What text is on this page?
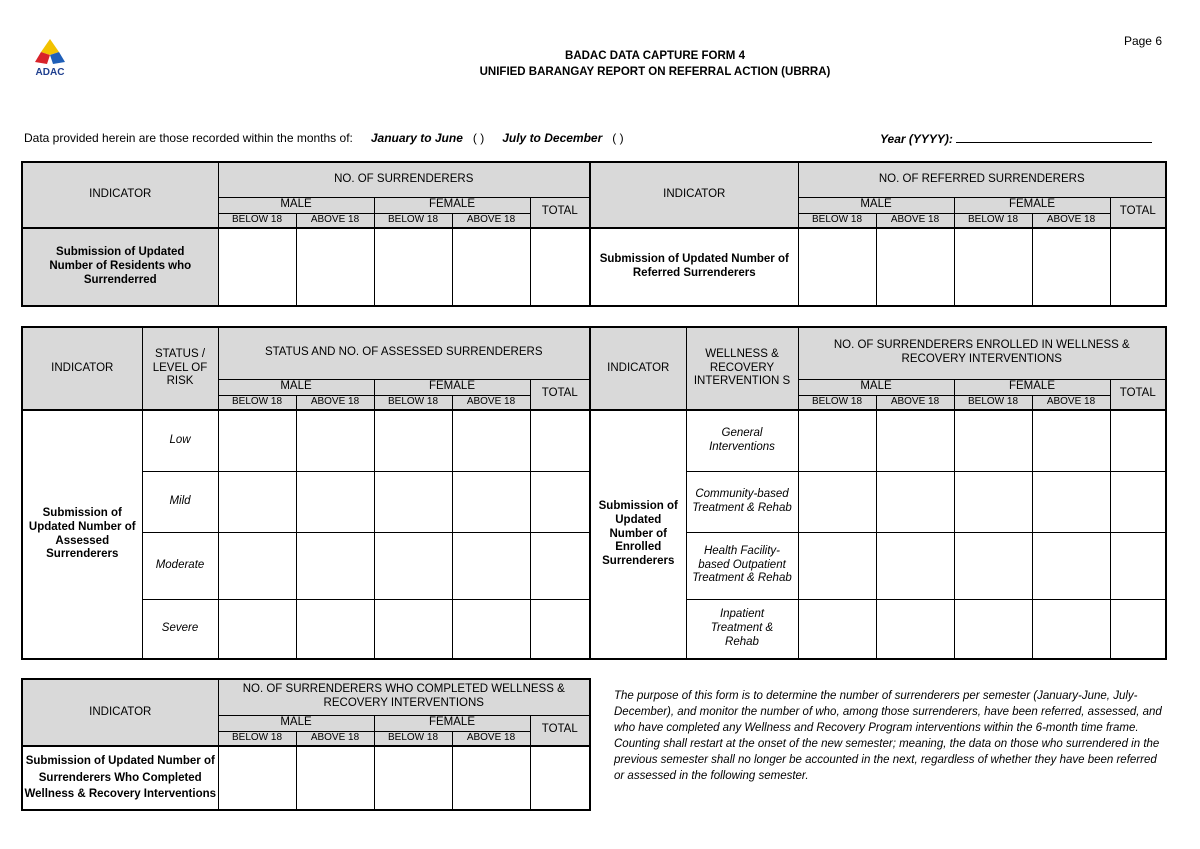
ADAC
Page 6
BADAC DATA CAPTURE FORM 4
UNIFIED BARANGAY REPORT ON REFERRAL ACTION (UBRRA)
Data provided herein are those recorded within the months of: January to June ( ) July to December ( )	Year (YYYY):
INDICATOR	NO. OF SURRENDERERS					INDICATOR	NO. OF REFERRED SURRENDERERS				
	MALE		FEMALE		TOTAL		MALE		FEMALE		TOTAL
	BELOW 18	ABOVE 18	BELOW 18	ABOVE 18			BELOW 18	ABOVE 18	BELOW 18	ABOVE 18	
Submission of Updated Number of Residents who Surrenderred						Submission of Updated Number of Referred Surrenderers					
INDICATOR	STATUS / LEVEL OF RISK	STATUS AND NO. OF ASSESSED SURRENDERERS					INDICATOR	WELLNESS & RECOVERY INTERVENTION S	NO. OF SURRENDERERS ENROLLED IN WELLNESS & RECOVERY INTERVENTIONS				
		MALE		FEMALE		TOTAL			MALE		FEMALE		TOTAL
		BELOW 18	ABOVE 18	BELOW 18	ABOVE 18				BELOW 18	ABOVE 18	BELOW 18	ABOVE 18	
Submission of Updated Number of Assessed Surrenderers	Low						Submission of Updated Number of Enrolled Surrenderers	General Interventions					
	Mild							Community-based Treatment & Rehab					
	Moderate							Health Facility-based Outpatient Treatment & Rehab					
	Severe							Inpatient Treatment & Rehab					
INDICATOR	NO. OF SURRENDERERS WHO COMPLETED WELLNESS & RECOVERY INTERVENTIONS				
	MALE		FEMALE		TOTAL
	BELOW 18	ABOVE 18	BELOW 18	ABOVE 18	
Submission of Updated Number of Surrenderers Who Completed Wellness & Recovery Interventions					
The purpose of this form is to determine the number of surrenderers per semester (January-June, July-December), and monitor the number of who, among those surrenderers, have been referred, assessed, and who have completed any Wellness and Recovery Program interventions within the 6-month time frame. Counting shall restart at the onset of the new semester; meaning, the data on those who surrendered in the previous semester shall no longer be accounted in the next, regardless of whether they have been referred or assessed in the following semester.
